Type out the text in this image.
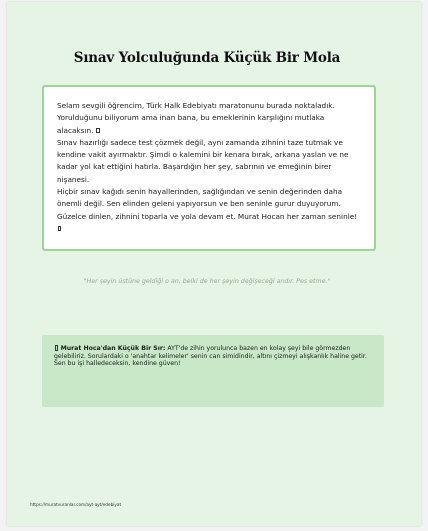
Sınav Yolculuğunda Küçük Bir Mola

Selam sevgili öğrencim, Türk Halk Edebiyatı maratonunu burada noktaladık. Yorulduğunu biliyorum ama inan bana, bu emeklerinin karşılığını mutlaka alacaksın.

Sınav hazırlığı sadece test çözmek değil, aynı zamanda zihnini taze tutmak ve kendine vakit ayırmaktır. Şimdi o kalemini bir kenara bırak, arkana yaslan ve ne kadar yol kat ettiğini hatırla. Başardığın her şey, sabrının ve emeğinin birer nişanesi.

Hiçbir sınav kağıdı senin hayallerinden, sağlığından ve senin değerinden daha önemli değil. Sen elinden geleni yapıyorsun ve ben seninle gurur duyuyorum. Güzelce dinlen, zihnini toparla ve yola devam et. Murat Hocan her zaman seninle!

"Her şeyin üstüne geldiği o an, belki de her şeyin değişeceği andır. Pes etme."
Murat Hoca'dan Küçük Bir Sır: AYT'de zihin yorulunca bazen en kolay şeyi bile görmezden gelebiliriz. Sorulardaki o 'anahtar kelimeler' senin can simidindir, altını çizmeyi alışkanlık haline getir. Sen bu işi halledeceksin, kendine güven!
https://muratvuranlar.com/ayt-ayt/edebiyat
